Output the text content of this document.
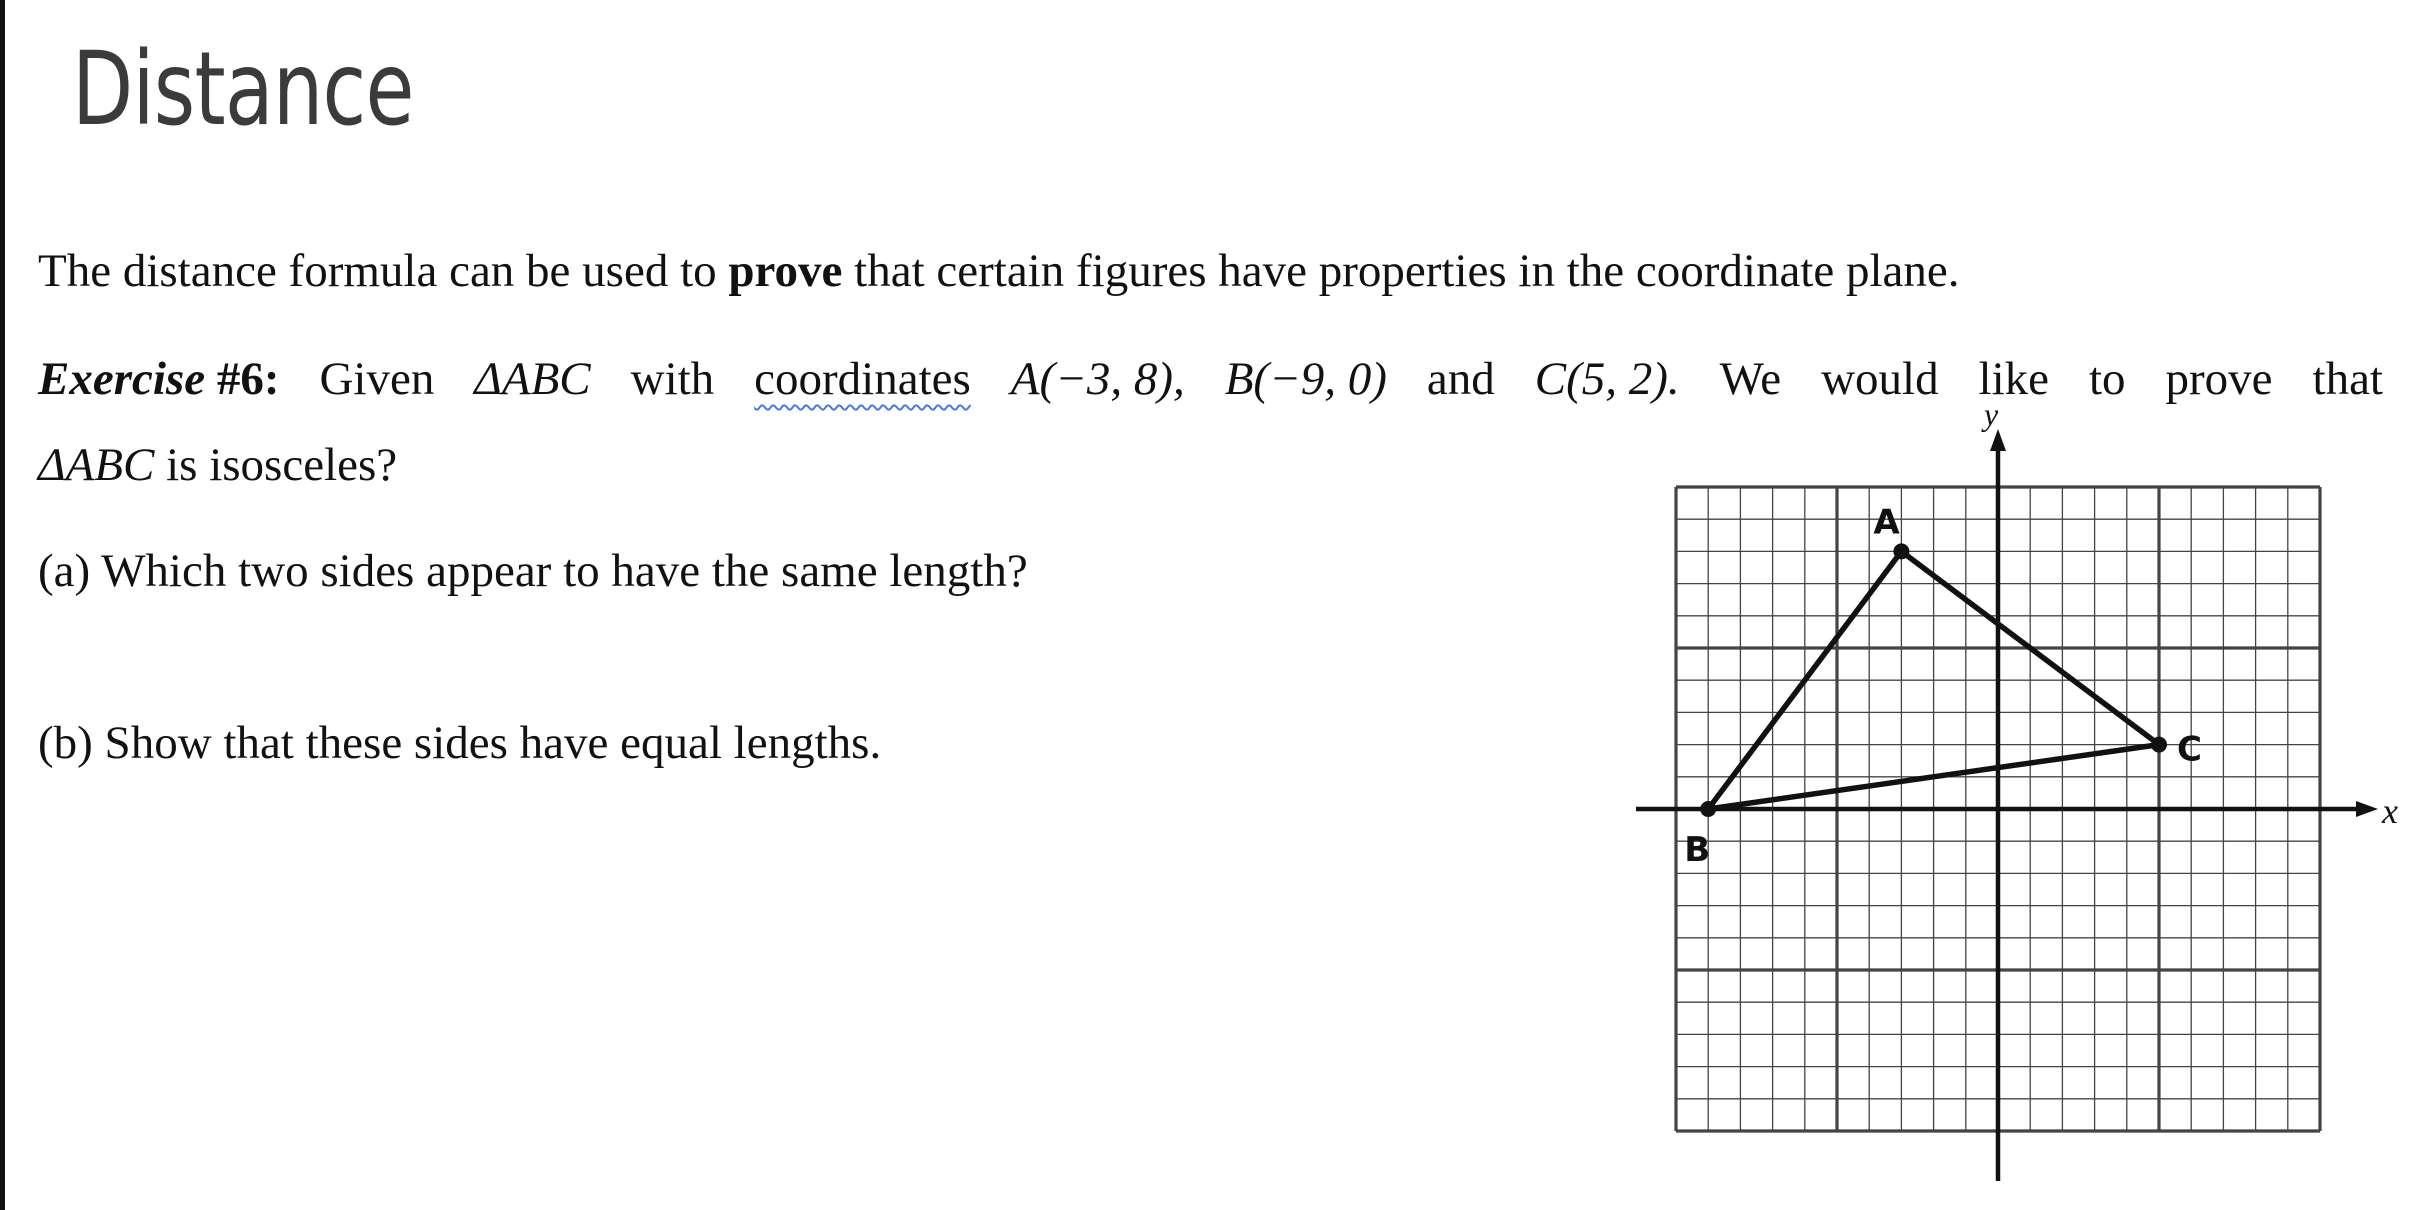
Distance
The distance formula can be used to prove that certain figures have properties in the coordinate plane.
Exercise #6: Given ΔABC with coordinates A(−3, 8), B(−9, 0) and C(5, 2). We would like to prove that
ΔABC is isosceles?
(a) Which two sides appear to have the same length?
(b) Show that these sides have equal lengths.
x
y
A
B
C
